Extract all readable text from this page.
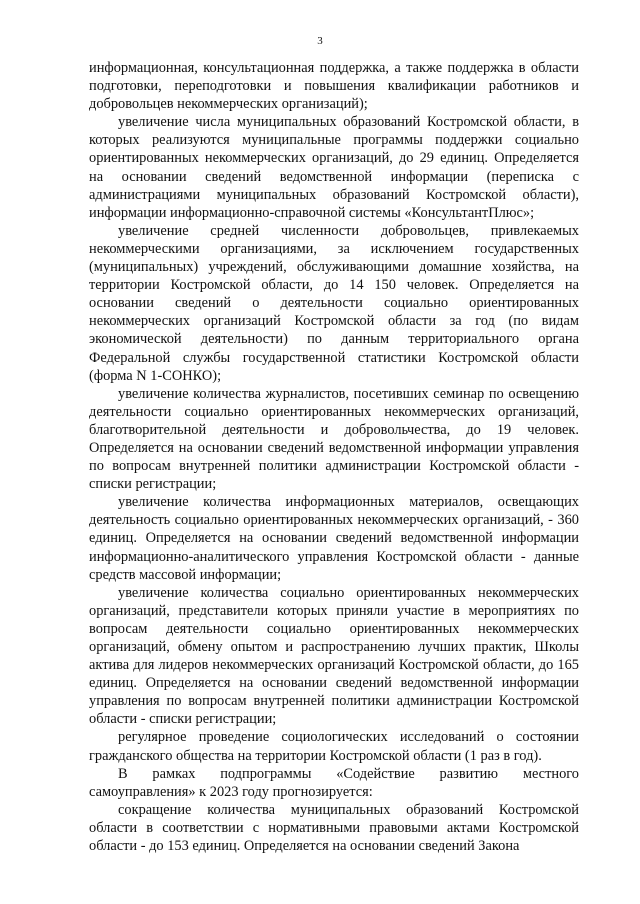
3

информационная, консультационная поддержка, а также поддержка в области подготовки, переподготовки и повышения квалификации работников и добровольцев некоммерческих организаций);

увеличение числа муниципальных образований Костромской области, в которых реализуются муниципальные программы поддержки социально ориентированных некоммерческих организаций, до 29 единиц. Определяется на основании сведений ведомственной информации (переписка с администрациями муниципальных образований Костромской области), информации информационно-справочной системы «КонсультантПлюс»;

увеличение средней численности добровольцев, привлекаемых некоммерческими организациями, за исключением государственных (муниципальных) учреждений, обслуживающими домашние хозяйства, на территории Костромской области, до 14 150 человек. Определяется на основании сведений о деятельности социально ориентированных некоммерческих организаций Костромской области за год (по видам экономической деятельности) по данным территориального органа Федеральной службы государственной статистики Костромской области (форма N 1-СОНКО);

увеличение количества журналистов, посетивших семинар по освещению деятельности социально ориентированных некоммерческих организаций, благотворительной деятельности и добровольчества, до 19 человек. Определяется на основании сведений ведомственной информации управления по вопросам внутренней политики администрации Костромской области - списки регистрации;

увеличение количества информационных материалов, освещающих деятельность социально ориентированных некоммерческих организаций, - 360 единиц. Определяется на основании сведений ведомственной информации информационно-аналитического управления Костромской области - данные средств массовой информации;

увеличение количества социально ориентированных некоммерческих организаций, представители которых приняли участие в мероприятиях по вопросам деятельности социально ориентированных некоммерческих организаций, обмену опытом и распространению лучших практик, Школы актива для лидеров некоммерческих организаций Костромской области, до 165 единиц. Определяется на основании сведений ведомственной информации управления по вопросам внутренней политики администрации Костромской области - списки регистрации;

регулярное проведение социологических исследований о состоянии гражданского общества на территории Костромской области (1 раз в год).

В рамках подпрограммы «Содействие развитию местного самоуправления» к 2023 году прогнозируется:

сокращение количества муниципальных образований Костромской области в соответствии с нормативными правовыми актами Костромской области - до 153 единиц. Определяется на основании сведений Закона
